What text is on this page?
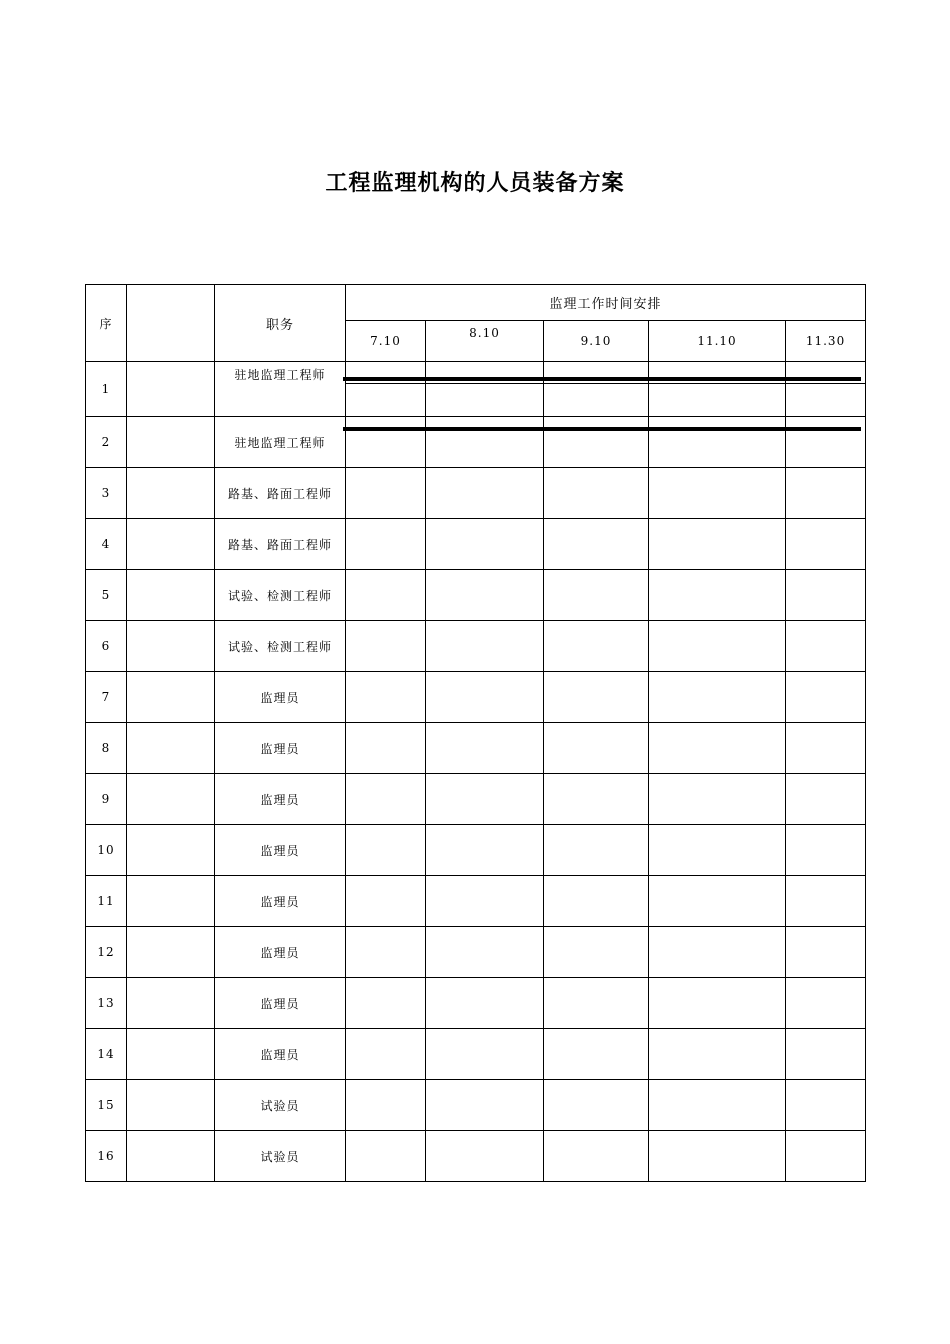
工程监理机构的人员装备方案
序		职务	监理工作时间安排				
			7.10	8.10	9.10	11.10	11.30
1		驻地监理工程师	

2		驻地监理工程师					
3		路基、路面工程师					
4		路基、路面工程师					
5		试验、检测工程师					
6		试验、检测工程师					
7		监理员					
8		监理员					
9		监理员					
10		监理员					
11		监理员					
12		监理员					
13		监理员					
14		监理员					
15		试验员					
16		试验员					
